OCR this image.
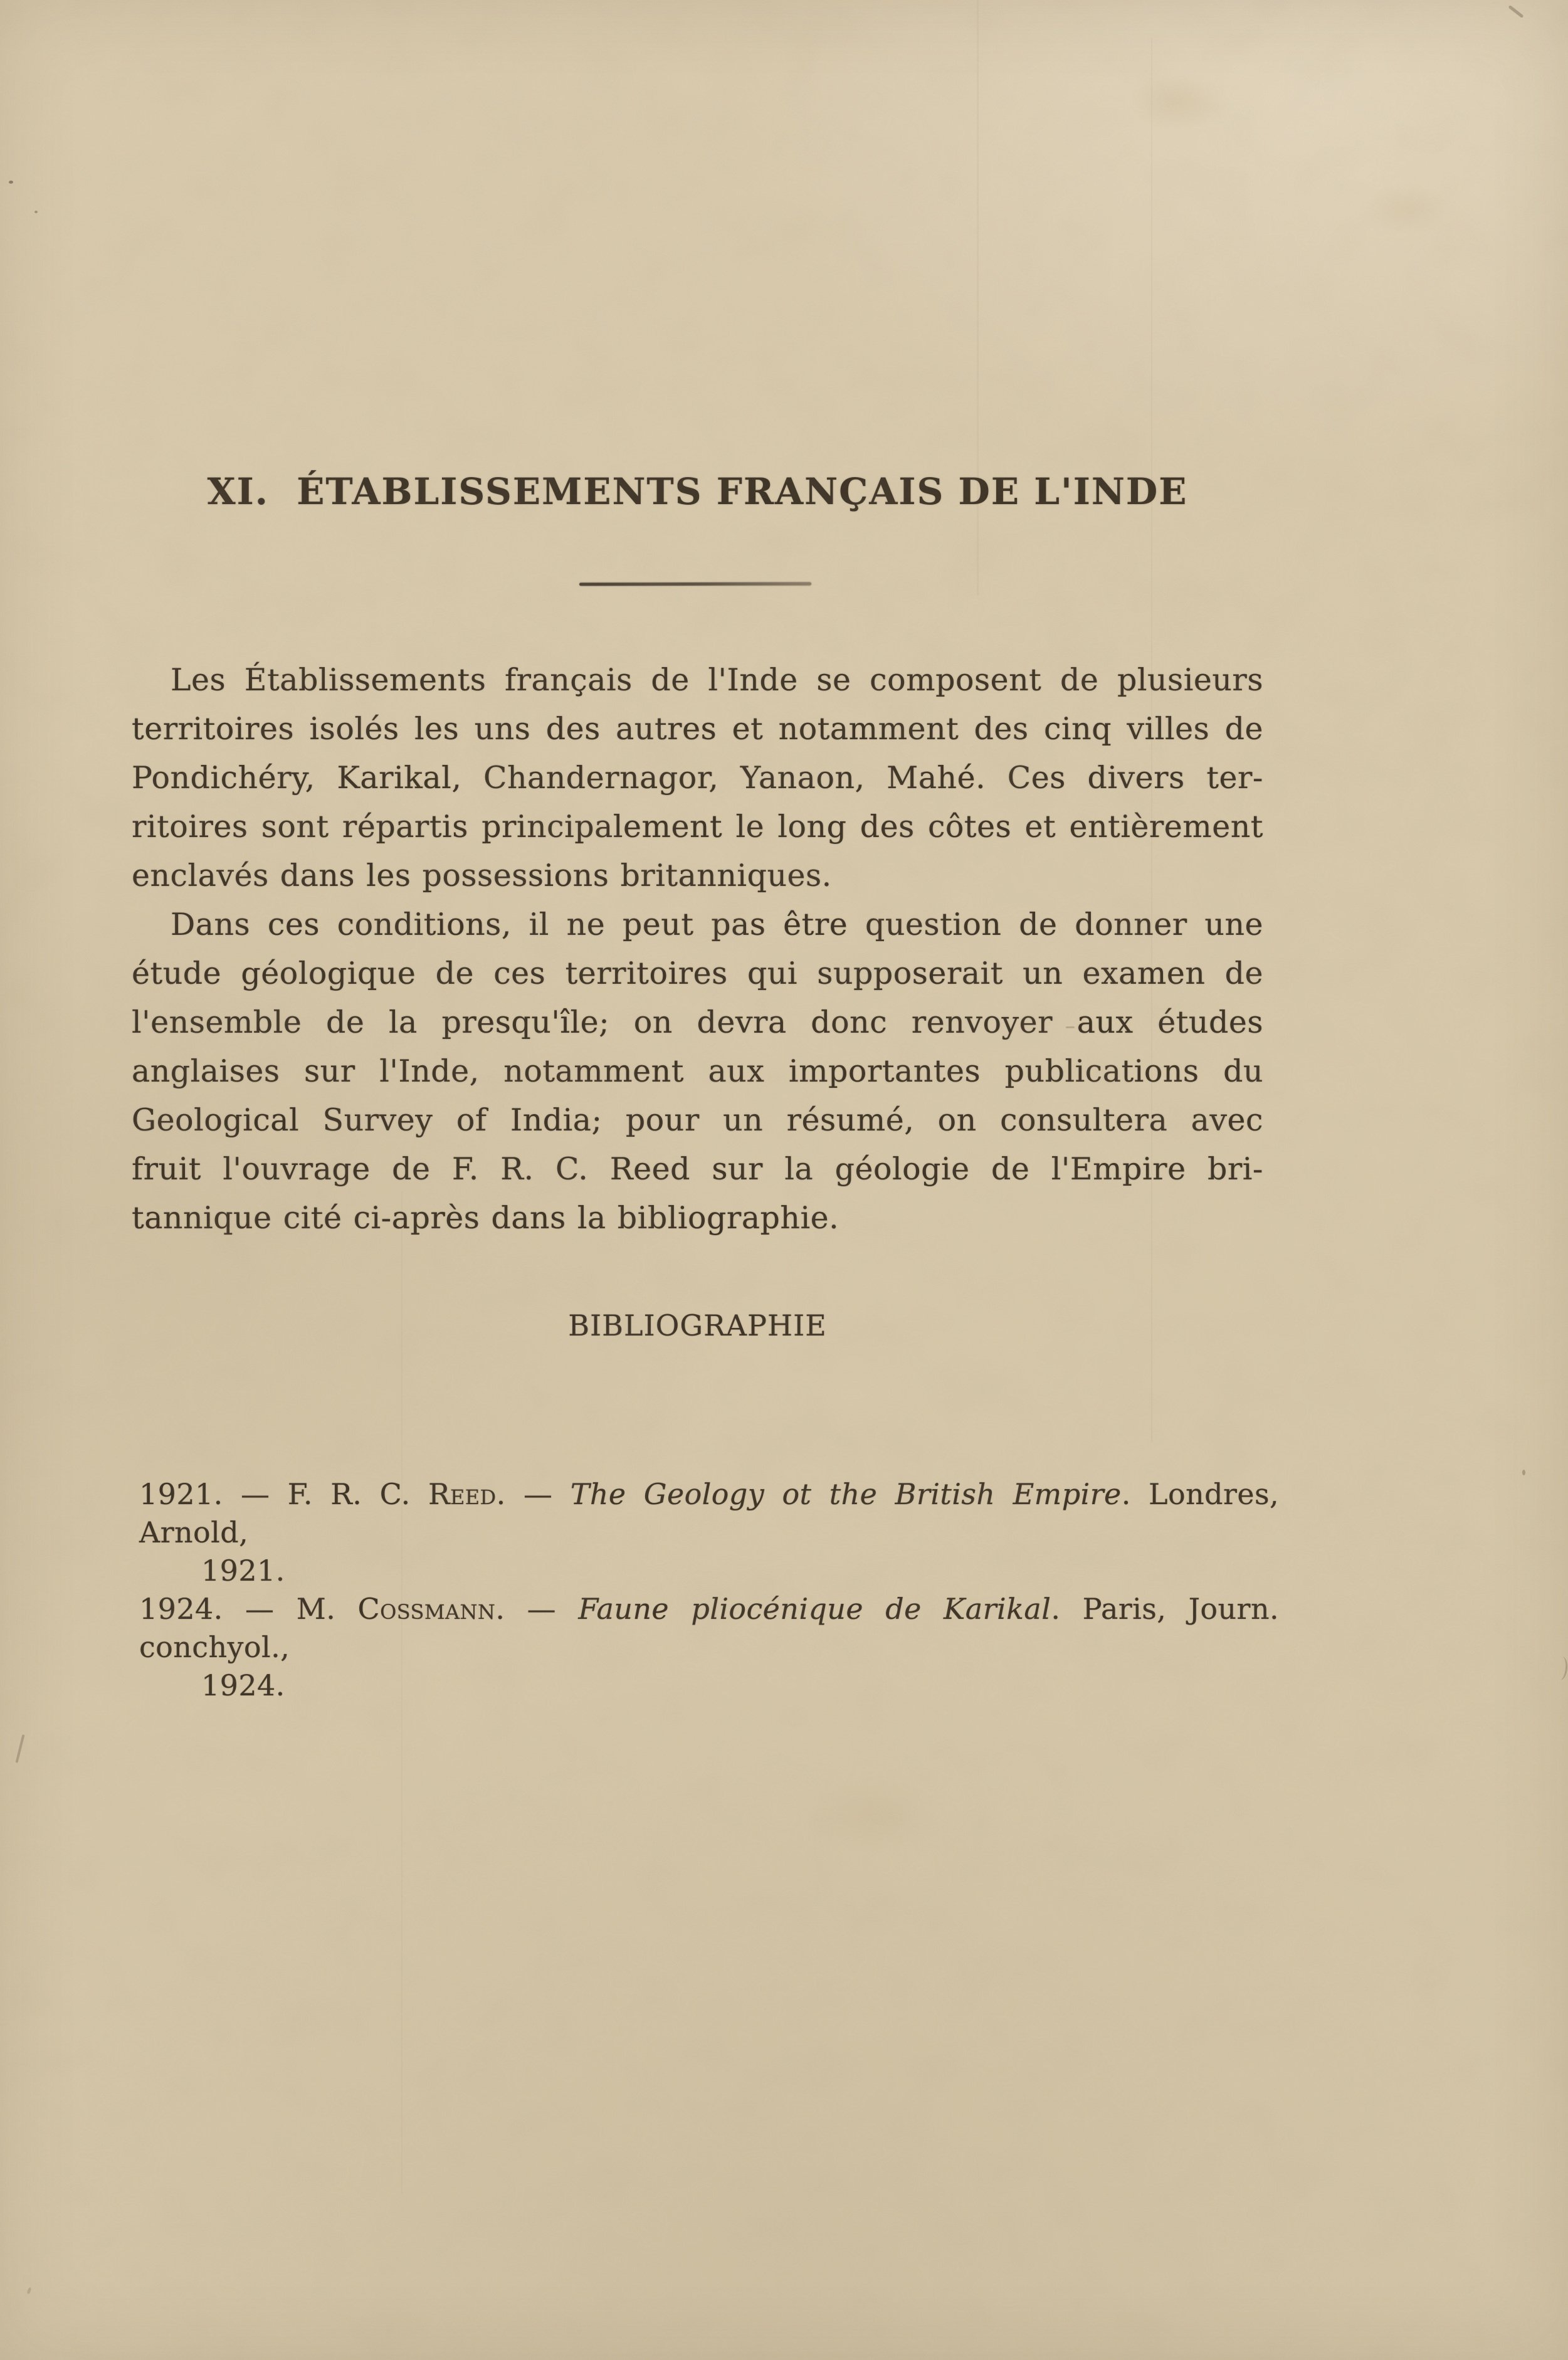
XI.  ÉTABLISSEMENTS FRANÇAIS DE L'INDE
Les Établissements français de l'Inde se composent de plusieurs
territoires isolés les uns des autres et notamment des cinq villes de
Pondichéry, Karikal, Chandernagor, Yanaon, Mahé. Ces divers ter-
ritoires sont répartis principalement le long des côtes et entièrement
enclavés dans les possessions britanniques.
Dans ces conditions, il ne peut pas être question de donner une
étude géologique de ces territoires qui supposerait un examen de
l'ensemble de la presqu'île; on devra donc renvoyer aux études
anglaises sur l'Inde, notamment aux importantes publications du
Geological Survey of India; pour un résumé, on consultera avec
fruit l'ouvrage de F. R. C. Reed sur la géologie de l'Empire bri-
tannique cité ci-après dans la bibliographie.
BIBLIOGRAPHIE
1921. — F. R. C. Reed. — The Geology ot the British Empire. Londres, Arnold,
1921.
1924. — M. Cossmann. — Faune pliocénique de Karikal. Paris, Journ. conchyol.,
1924.
